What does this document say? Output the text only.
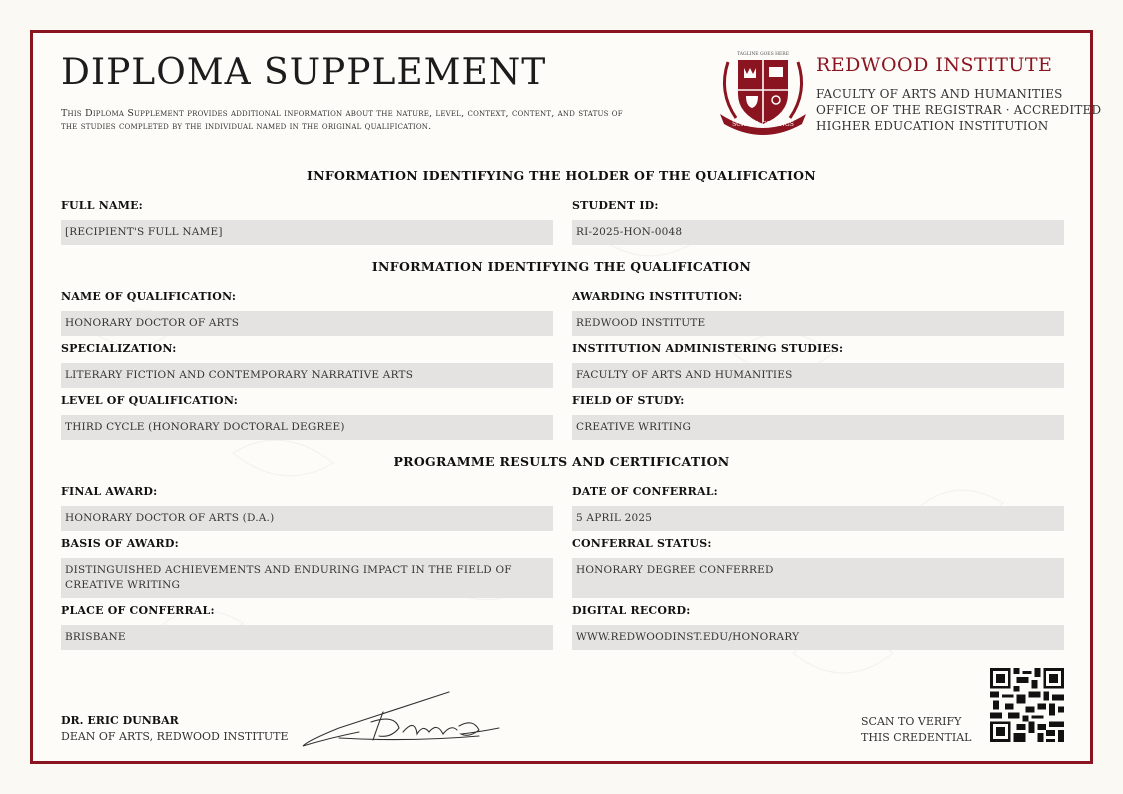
DIPLOMA SUPPLEMENT
This Diploma Supplement provides additional information about the nature, level, context, content, and status of the studies completed by the individual named in the original qualification.
TAGLINE GOES HERE
SCHOOL OF KINGS
REDWOOD INSTITUTE
FACULTY OF ARTS AND HUMANITIES
OFFICE OF THE REGISTRAR · ACCREDITED
HIGHER EDUCATION INSTITUTION
INFORMATION IDENTIFYING THE HOLDER OF THE QUALIFICATION
FULL NAME:
[RECIPIENT'S FULL NAME]
STUDENT ID:
RI-2025-HON-0048
INFORMATION IDENTIFYING THE QUALIFICATION
NAME OF QUALIFICATION:
HONORARY DOCTOR OF ARTS
AWARDING INSTITUTION:
REDWOOD INSTITUTE
SPECIALIZATION:
LITERARY FICTION AND CONTEMPORARY NARRATIVE ARTS
INSTITUTION ADMINISTERING STUDIES:
FACULTY OF ARTS AND HUMANITIES
LEVEL OF QUALIFICATION:
THIRD CYCLE (HONORARY DOCTORAL DEGREE)
FIELD OF STUDY:
CREATIVE WRITING
PROGRAMME RESULTS AND CERTIFICATION
FINAL AWARD:
HONORARY DOCTOR OF ARTS (D.A.)
DATE OF CONFERRAL:
5 APRIL 2025
BASIS OF AWARD:
DISTINGUISHED ACHIEVEMENTS AND ENDURING IMPACT IN THE FIELD OF CREATIVE WRITING
CONFERRAL STATUS:
HONORARY DEGREE CONFERRED
PLACE OF CONFERRAL:
BRISBANE
DIGITAL RECORD:
WWW.REDWOODINST.EDU/HONORARY
DR. ERIC DUNBAR
DEAN OF ARTS, REDWOOD INSTITUTE
SCAN TO VERIFY
THIS CREDENTIAL
